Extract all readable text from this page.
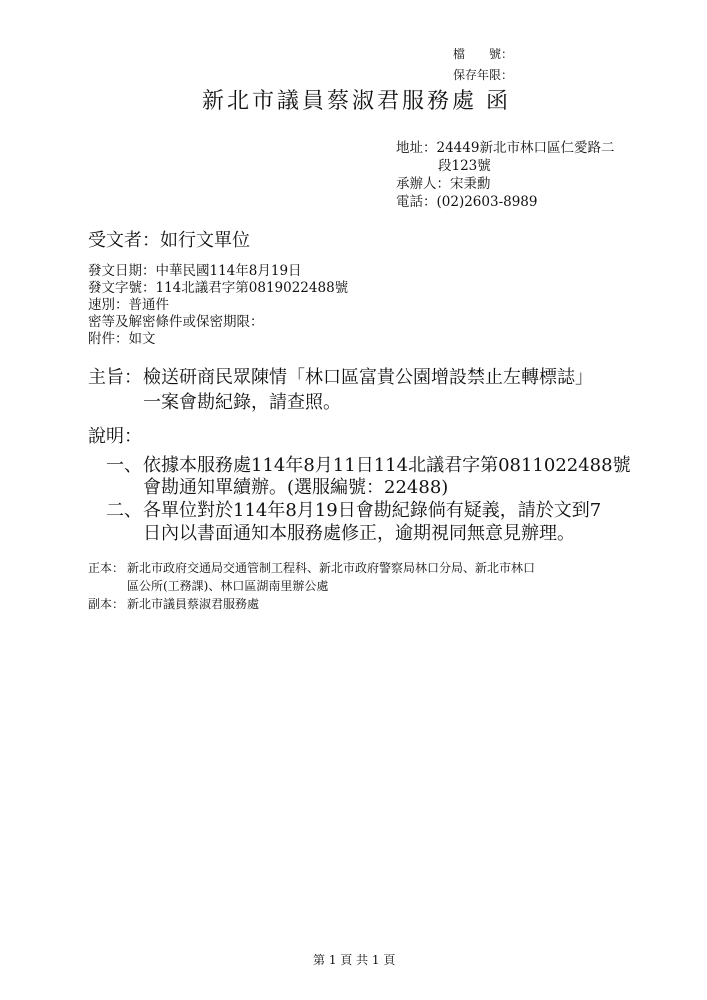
檔　　號：
保存年限：
新北市議員蔡淑君服務處 函
地址：24449新北市林口區仁愛路二
段123號
承辦人：宋秉勳
電話：(02)2603-8989
受文者：如行文單位
發文日期：中華民國114年8月19日
發文字號：114北議君字第0819022488號
速別：普通件
密等及解密條件或保密期限：
附件：如文
主旨： 檢送研商民眾陳情「林口區富貴公園增設禁止左轉標誌」
一案會勘紀錄，請查照。
說明：
一、 依據本服務處114年8月11日114北議君字第0811022488號
會勘通知單續辦。(選服編號：22488)
二、 各單位對於114年8月19日會勘紀錄倘有疑義，請於文到7
日內以書面通知本服務處修正，逾期視同無意見辦理。
正本： 新北市政府交通局交通管制工程科、新北市政府警察局林口分局、新北市林口
區公所(工務課)、林口區湖南里辦公處
副本： 新北市議員蔡淑君服務處
第 1 頁 共 1 頁
